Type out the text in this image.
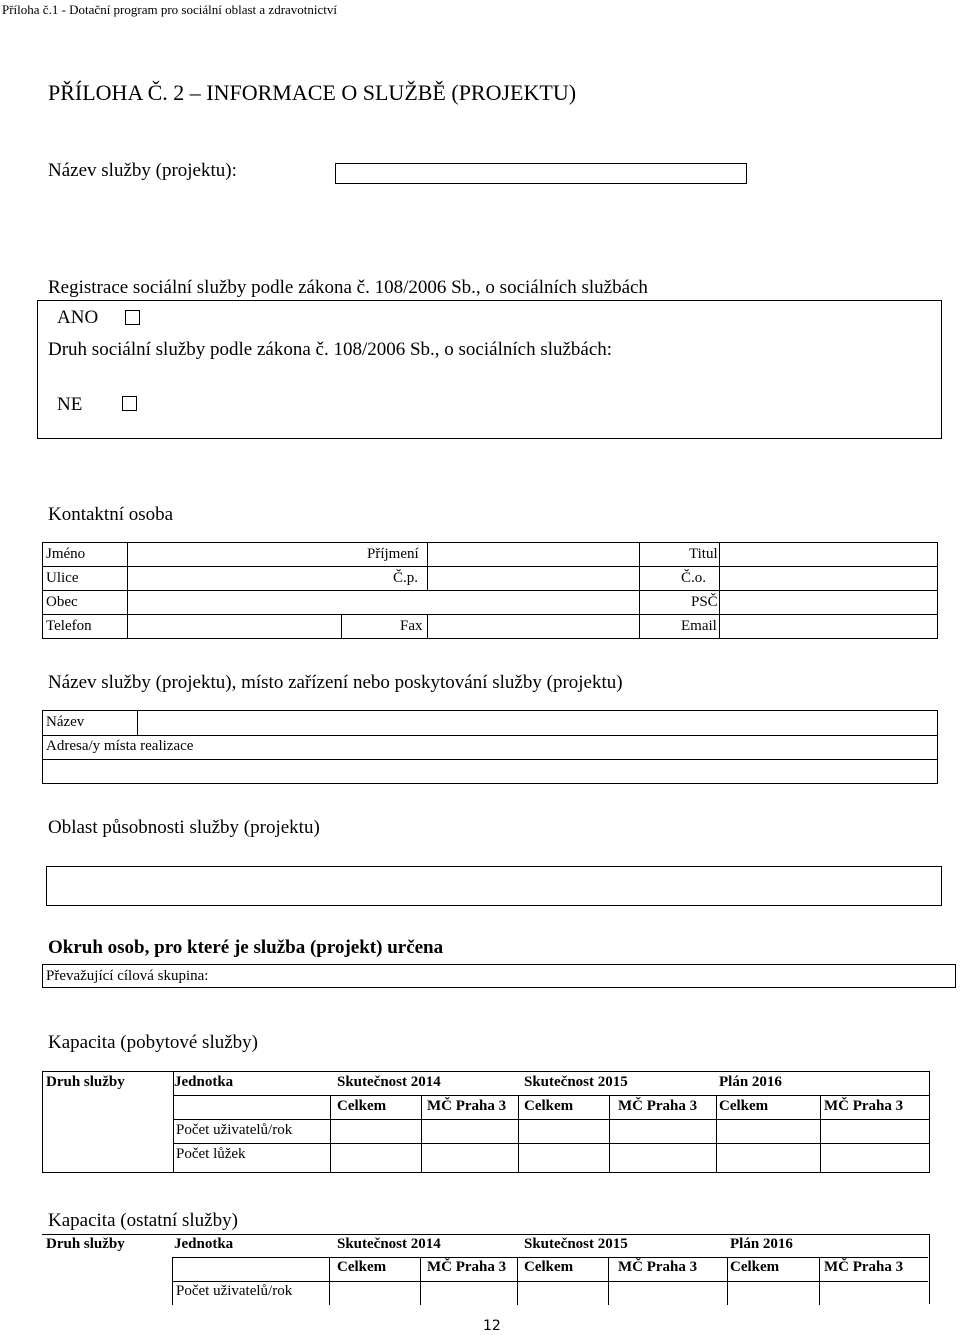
Příloha č.1 - Dotační program pro sociální oblast a zdravotnictví
PŘÍLOHA Č. 2 – INFORMACE O SLUŽBĚ (PROJEKTU)
Název služby (projektu):
Registrace sociální služby podle zákona č. 108/2006 Sb., o sociálních službách
ANO
Druh sociální služby podle zákona č. 108/2006 Sb., o sociálních službách:
NE
Kontaktní osoba
Jméno	Příjmení	Titul
Ulice	Č.p.	Č.o.
Obec	PSČ
Telefon	Fax	Email
Název služby (projektu), místo zařízení nebo poskytování služby (projektu)
Název
Adresa/y místa realizace
Oblast působnosti služby (projektu)
Okruh osob, pro které je služba (projekt) určena
Převažující cílová skupina:
Kapacita (pobytové služby)
Druh služby	Jednotka	Skutečnost 2014	Skutečnost 2015	Plán 2016
Celkem	MČ Praha 3 Celkem	MČ Praha 3 Celkem	MČ Praha 3
Počet uživatelů/rok
Počet lůžek
Kapacita (ostatní služby)
Druh služby	Jednotka	Skutečnost 2014	Skutečnost 2015	Plán 2016
Celkem	MČ Praha 3 Celkem	MČ Praha 3 Celkem	MČ Praha 3
Počet uživatelů/rok
12
